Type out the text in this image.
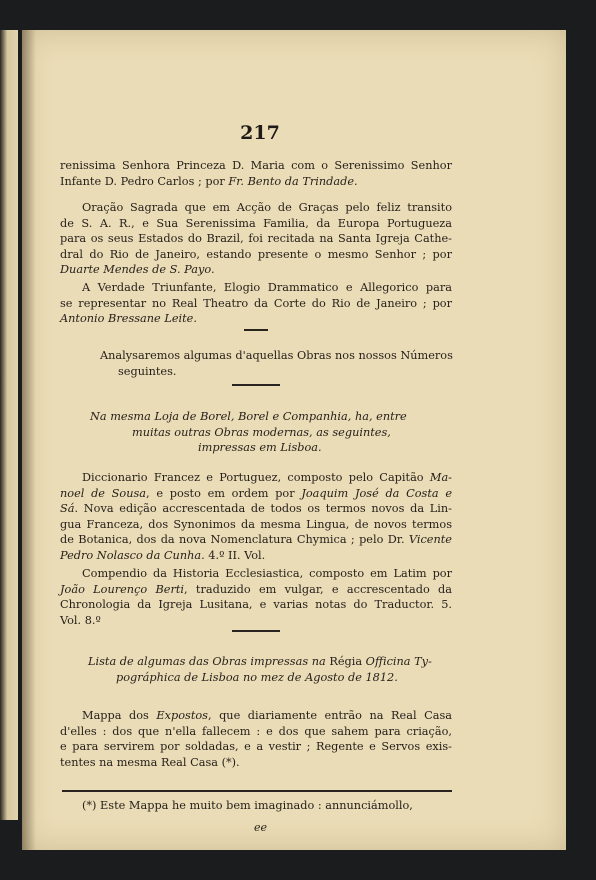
217
renissima Senhora Princeza D. Maria com o Serenissimo Senhor
Infante D. Pedro Carlos ; por Fr. Bento da Trindade.
Oração Sagrada que em Acção de Graças pelo feliz transito
de S. A. R., e Sua Serenissima Familia, da Europa Portugueza
para os seus Estados do Brazil, foi recitada na Santa Igreja Cathe-
dral do Rio de Janeiro, estando presente o mesmo Senhor ; por
Duarte Mendes de S. Payo.
A Verdade Triunfante, Elogio Drammatico e Allegorico para
se representar no Real Theatro da Corte do Rio de Janeiro ; por
Antonio Bressane Leite.
Analysaremos algumas d'aquellas Obras nos nossos Números
seguintes.
Na mesma Loja de Borel, Borel e Companhia, ha, entre
muitas outras Obras modernas, as seguintes,
impressas em Lisboa.
Diccionario Francez e Portuguez, composto pelo Capitão Ma-
noel de Sousa, e posto em ordem por Joaquim José da Costa e
Sá. Nova edição accrescentada de todos os termos novos da Lin-
gua Franceza, dos Synonimos da mesma Lingua, de novos termos
de Botanica, dos da nova Nomenclatura Chymica ; pelo Dr. Vicente
Pedro Nolasco da Cunha. 4.º II. Vol.
Compendio da Historia Ecclesiastica, composto em Latim por
João Lourenço Berti, traduzido em vulgar, e accrescentado da
Chronologia da Igreja Lusitana, e varias notas do Traductor. 5.
Vol. 8.º
Lista de algumas das Obras impressas na Régia Officina Ty-
pográphica de Lisboa no mez de Agosto de 1812.
Mappa dos Expostos, que diariamente entrão na Real Casa
d'elles : dos que n'ella fallecem : e dos que sahem para criação,
e para servirem por soldadas, e a vestir ; Regente e Servos exis-
tentes na mesma Real Casa (*).
(*) Este Mappa he muito bem imaginado : annunciámollo,
ee
